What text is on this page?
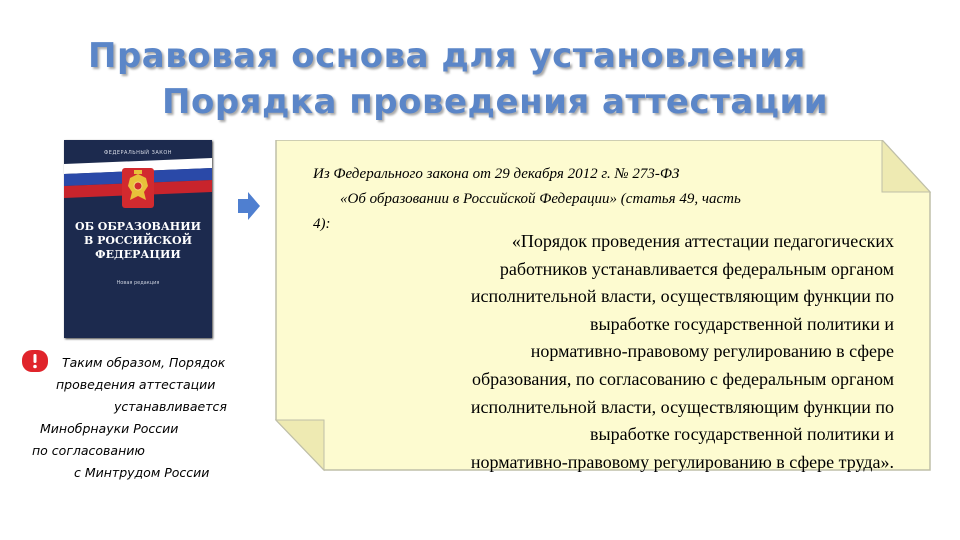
Правовая основа для установления
Порядка проведения аттестации
ФЕДЕРАЛЬНЫЙ ЗАКОН
ОБ ОБРАЗОВАНИИ
В РОССИЙСКОЙ
ФЕДЕРАЦИИ
Новая редакция
Из Федерального закона от 29 декабря 2012 г. № 273-ФЗ
«Об образовании в Российской Федерации» (статья 49, часть
4):
«Порядок проведения аттестации педагогических
работников устанавливается федеральным органом
исполнительной власти, осуществляющим функции по
выработке государственной политики и
нормативно-правовому регулированию в сфере
образования, по согласованию с федеральным органом
исполнительной власти, осуществляющим функции по
выработке государственной политики и
нормативно-правовому регулированию в сфере труда».
Таким образом, Порядок
проведения аттестации
устанавливается
Минобрнауки России
по согласованию
с Минтрудом России
